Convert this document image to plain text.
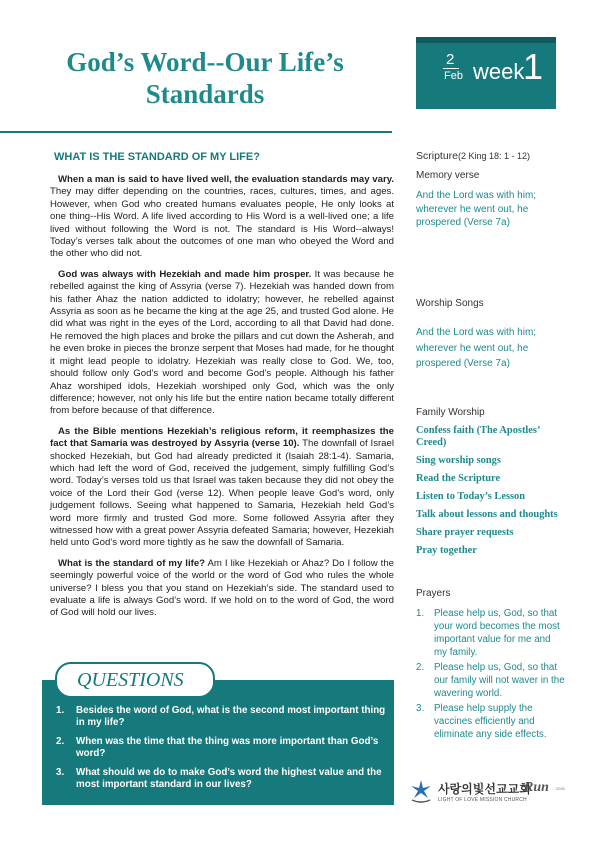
God’s Word--Our Life’s Standards
2
Feb week
1
WHAT IS THE STANDARD OF MY LIFE?

When a man is said to have lived well, the evaluation standards may vary. They may differ depending on the countries, races, cultures, times, and ages. However, when God who created humans evaluates people, He only looks at one thing--His Word. A life lived according to His Word is a well-lived one; a life lived without following the Word is not. The standard is His Word--always! Today’s verses talk about the outcomes of one man who obeyed the Word and the other who did not.

God was always with Hezekiah and made him prosper. It was because he rebelled against the king of Assyria (verse 7). Hezekiah was handed down from his father Ahaz the nation addicted to idolatry; however, he rebelled against Assyria as soon as he became the king at the age 25, and trusted God alone. He did what was right in the eyes of the Lord, according to all that David had done. He removed the high places and broke the pillars and cut down the Asherah, and he even broke in pieces the bronze serpent that Moses had made, for he thought it might lead people to idolatry. Hezekiah was really close to God. We, too, should follow only God’s word and become God’s people. Although his father Ahaz worshiped idols, Hezekiah worshiped only God, which was the only difference; however, not only his life but the entire nation became totally different from before because of that difference.

As the Bible mentions Hezekiah’s religious reform, it reemphasizes the fact that Samaria was destroyed by Assyria (verse 10). The downfall of Israel shocked Hezekiah, but God had already predicted it (Isaiah 28:1-4). Samaria, which had left the word of God, received the judgement, simply fulfilling God’s word. Today’s verses told us that Israel was taken because they did not obey the voice of the Lord their God (verse 12). When people leave God’s word, only judgement follows. Seeing what happened to Samaria, Hezekiah held God’s word more firmly and trusted God more. Some followed Assyria after they witnessed how with a great power Assyria defeated Samaria; however, Hezekiah held unto God’s word more tightly as he saw the downfall of Samaria.

What is the standard of my life? Am I like Hezekiah or Ahaz? Do I follow the seemingly powerful voice of the world or the word of God who rules the whole universe? I bless you that you stand on Hezekiah’s side. The standard used to evaluate a life is always God’s word. If we hold on to the word of God, the word of God will hold our lives.

QUESTIONS
1.	Besides the word of God, what is the second most important thing in my life?
2.	When was the time that the thing was more important than God’s word?
3.	What should we do to make God’s word the highest value and the most important standard in our lives?
Scripture(2 King 18: 1 - 12)
Memory verse
And the Lord was with him; wherever he went out, he prospered (Verse 7a)
Worship Songs
And the Lord was with him; wherever he went out, he prospered (Verse 7a)
Family Worship
Confess faith (The Apostles’ Creed)
Sing worship songs
Read the Scripture
Listen to Today’s Lesson
Talk about lessons and thoughts
Share prayer requests
Pray together
Prayers
1.	Please help us, God, so that your word becomes the most important value for me and my family.
2.	Please help us, God, so that our family will not waver in the wavering world.
3.	Please help supply the vaccines efficiently and eliminate any side effects.
사랑의빛선교교회
LIGHT OF LOVE MISSION CHURCH
Run 2020
